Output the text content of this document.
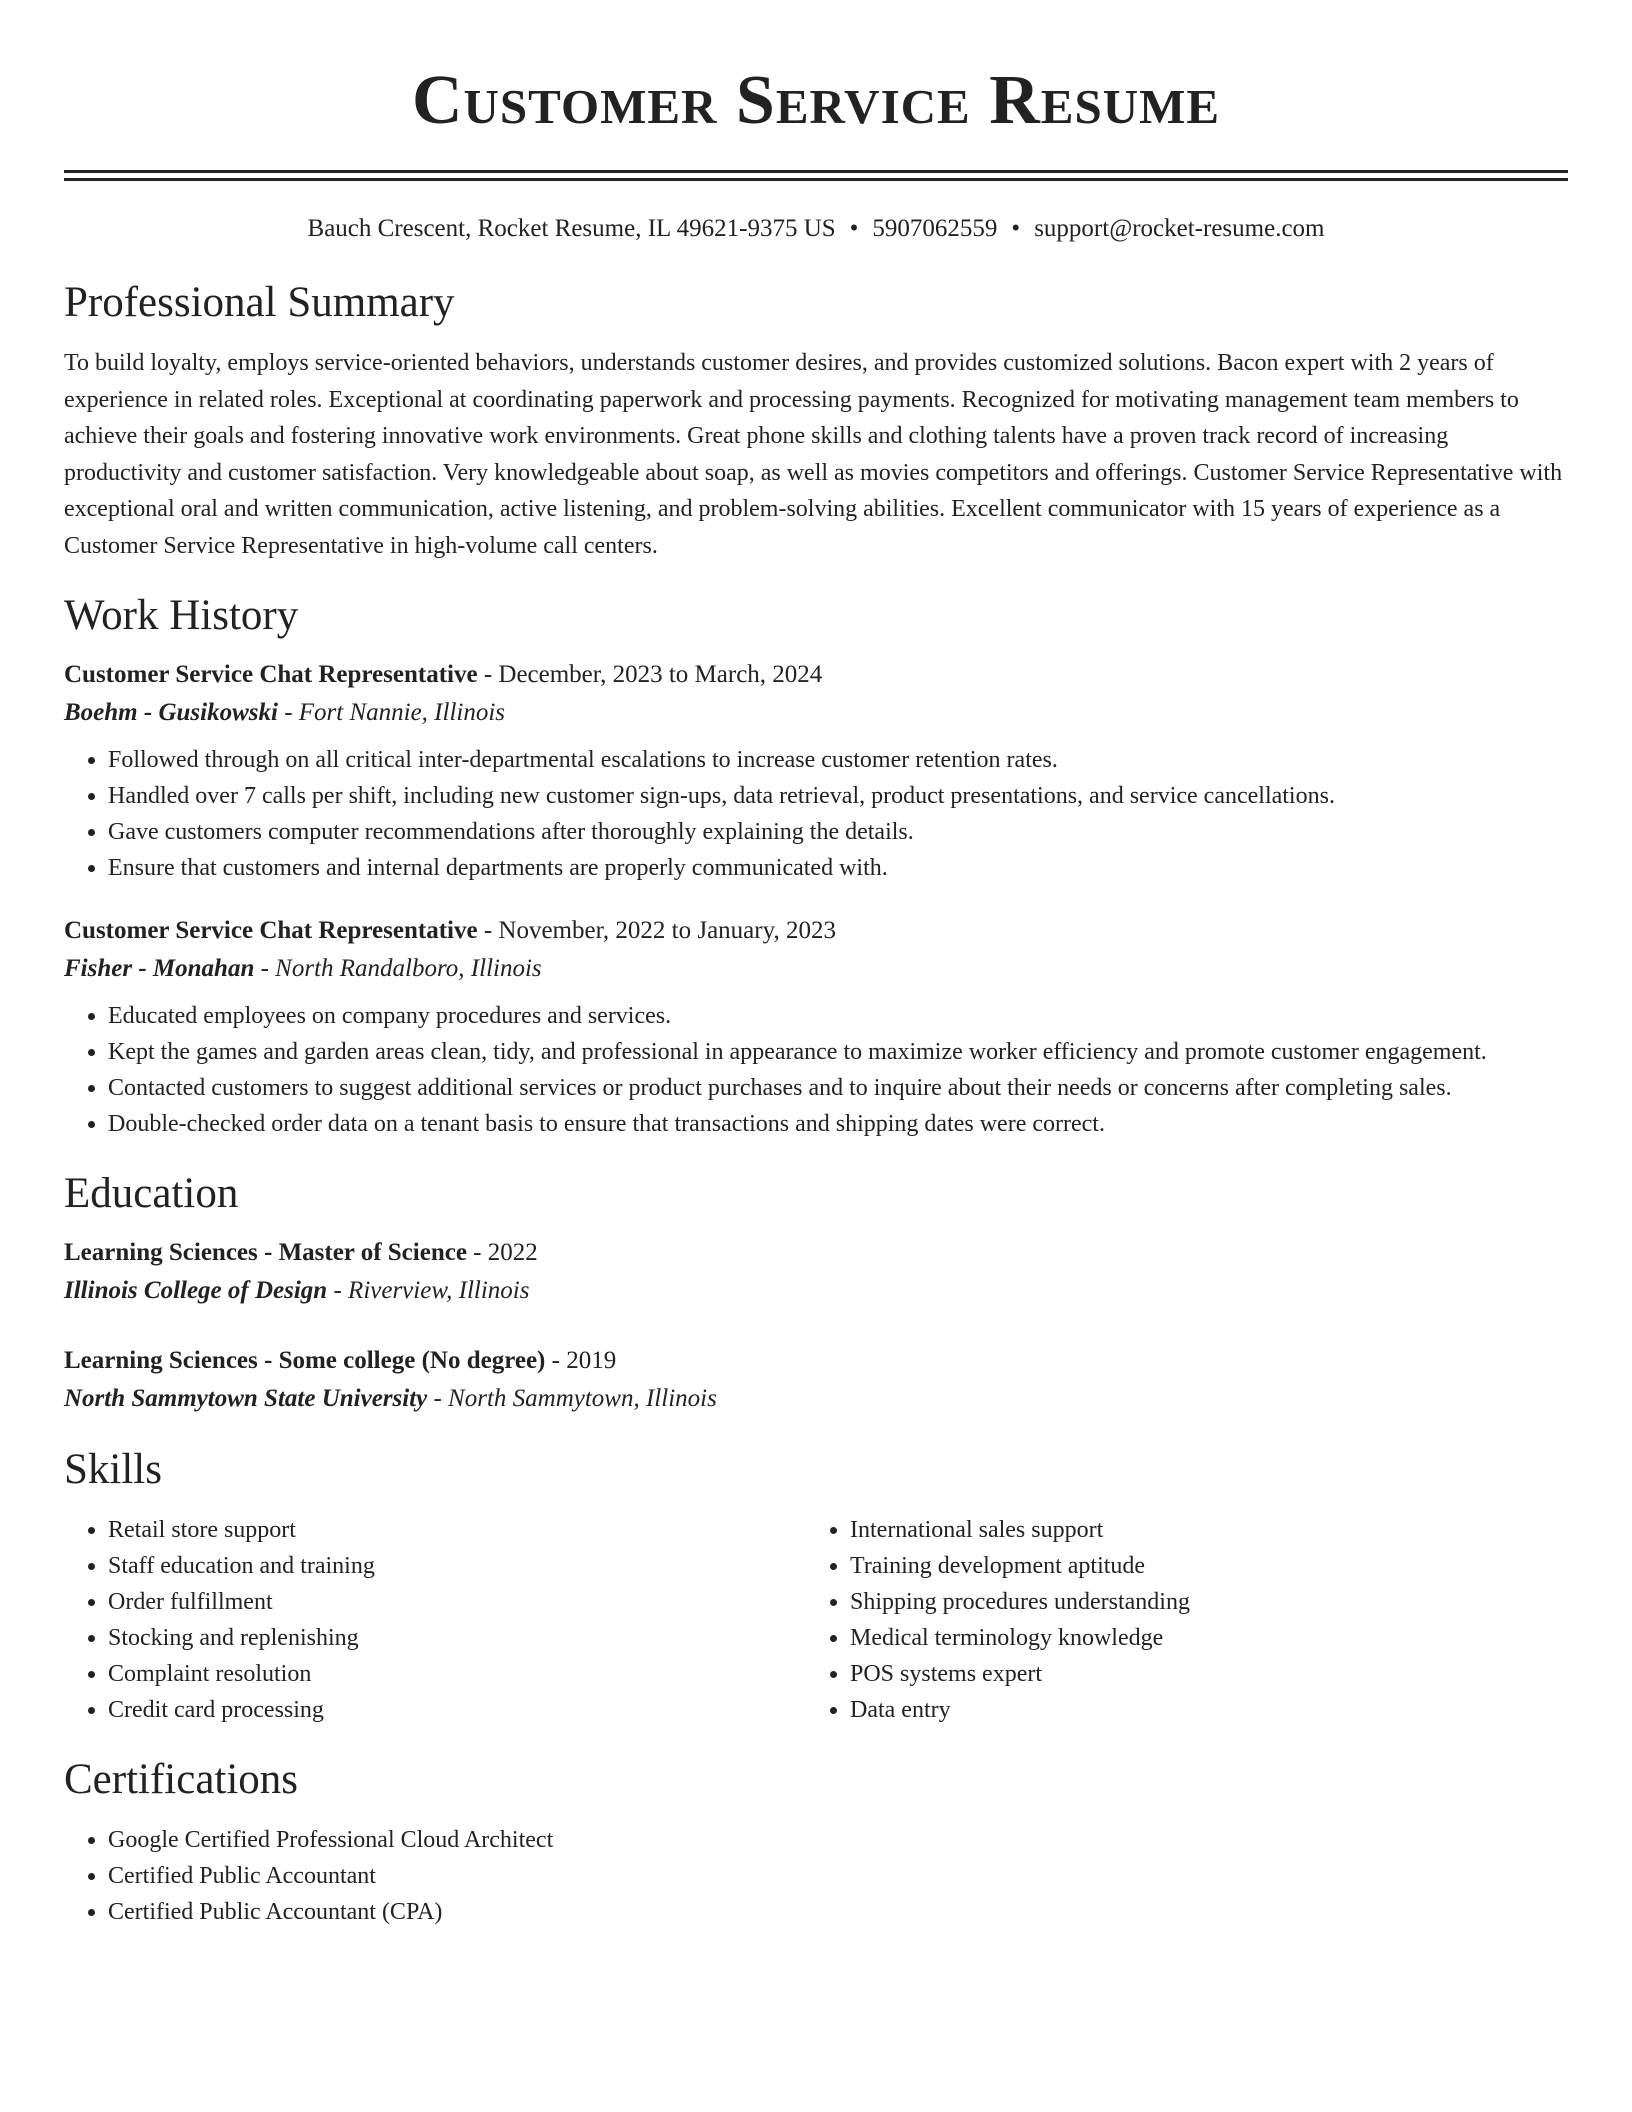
Customer Service Resume
Bauch Crescent, Rocket Resume, IL 49621-9375 US • 5907062559 • support@rocket-resume.com
Professional Summary

To build loyalty, employs service-oriented behaviors, understands customer desires, and provides customized solutions. Bacon expert with 2 years of experience in related roles. Exceptional at coordinating paperwork and processing payments. Recognized for motivating management team members to achieve their goals and fostering innovative work environments. Great phone skills and clothing talents have a proven track record of increasing productivity and customer satisfaction. Very knowledgeable about soap, as well as movies competitors and offerings. Customer Service Representative with exceptional oral and written communication, active listening, and problem-solving abilities. Excellent communicator with 15 years of experience as a Customer Service Representative in high-volume call centers.

Work History
Customer Service Chat Representative - December, 2023 to March, 2024
Boehm - Gusikowski - Fort Nannie, Illinois
• Followed through on all critical inter-departmental escalations to increase customer retention rates.
• Handled over 7 calls per shift, including new customer sign-ups, data retrieval, product presentations, and service cancellations.
• Gave customers computer recommendations after thoroughly explaining the details.
• Ensure that customers and internal departments are properly communicated with.
Customer Service Chat Representative - November, 2022 to January, 2023
Fisher - Monahan - North Randalboro, Illinois
• Educated employees on company procedures and services.
• Kept the games and garden areas clean, tidy, and professional in appearance to maximize worker efficiency and promote customer engagement.
• Contacted customers to suggest additional services or product purchases and to inquire about their needs or concerns after completing sales.
• Double-checked order data on a tenant basis to ensure that transactions and shipping dates were correct.
Education
Learning Sciences - Master of Science - 2022
Illinois College of Design - Riverview, Illinois
Learning Sciences - Some college (No degree) - 2019
North Sammytown State University - North Sammytown, Illinois
Skills
• Retail store support
• Staff education and training
• Order fulfillment
• Stocking and replenishing
• Complaint resolution
• Credit card processing
• International sales support
• Training development aptitude
• Shipping procedures understanding
• Medical terminology knowledge
• POS systems expert
• Data entry
Certifications
• Google Certified Professional Cloud Architect
• Certified Public Accountant
• Certified Public Accountant (CPA)
